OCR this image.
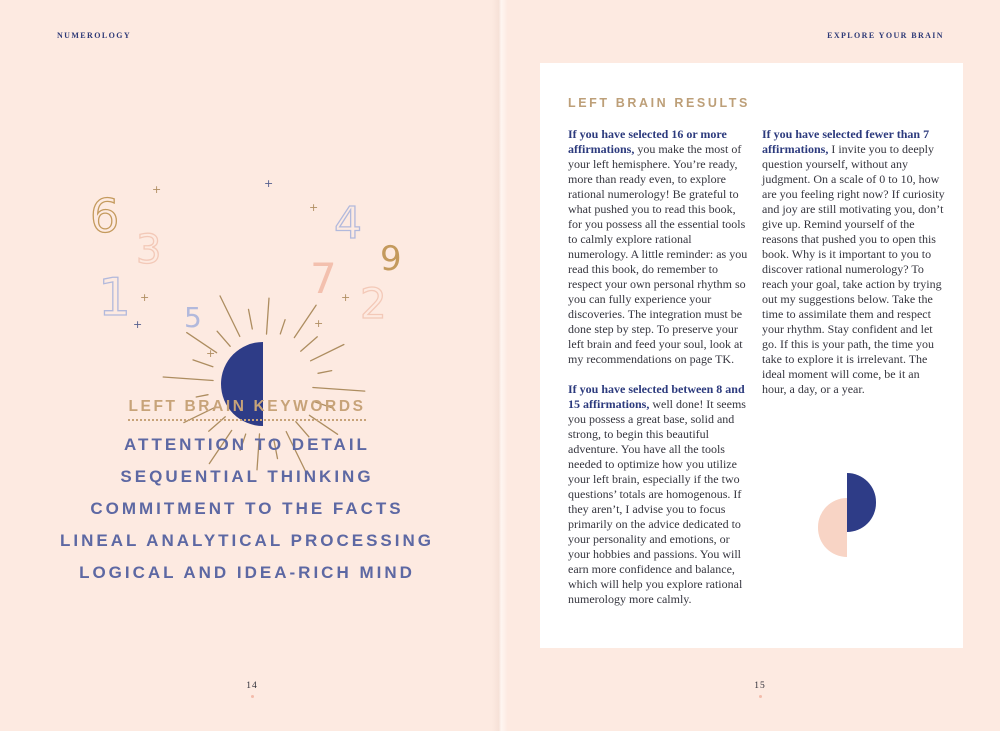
NUMEROLOGY	EXPLORE YOUR BRAIN
6
3
1 5
4
7 9
2
+	+
+
+
+
+
+
+
LEFT BRAIN KEYWORDS
ATTENTION TO DETAIL
SEQUENTIAL THINKING
COMMITMENT TO THE FACTS
LINEAL ANALYTICAL PROCESSING
LOGICAL AND IDEA-RICH MIND
LEFT BRAIN RESULTS

If you have selected 16 or more affirmations, you make the most of your left hemisphere. You’re ready, more than ready even, to explore rational numerology! Be grateful to what pushed you to read this book, for you possess all the essential tools to calmly explore rational numerology. A little reminder: as you read this book, do remember to respect your own personal rhythm so you can fully experience your discoveries. The integration must be done step by step. To preserve your left brain and feed your soul, look at my recommendations on page TK.

If you have selected between 8 and 15 affirmations, well done! It seems you possess a great base, solid and strong, to begin this beautiful adventure. You have all the tools needed to optimize how you utilize your left brain, especially if the two questions’ totals are homogenous. If they aren’t, I advise you to focus primarily on the advice dedicated to your personality and emotions, or your hobbies and passions. You will earn more confidence and balance, which will help you explore rational numerology more calmly.

If you have selected fewer than 7 affirmations, I invite you to deeply question yourself, without any judgment. On a scale of 0 to 10, how are you feeling right now? If curiosity and joy are still motivating you, don’t give up. Remind yourself of the reasons that pushed you to open this book. Why is it important to you to discover rational numerology? To reach your goal, take action by trying out my suggestions below. Take the time to assimilate them and respect your rhythm. Stay confident and let go. If this is your path, the time you take to explore it is irrelevant. The ideal moment will come, be it an hour, a day, or a year.

14	15
